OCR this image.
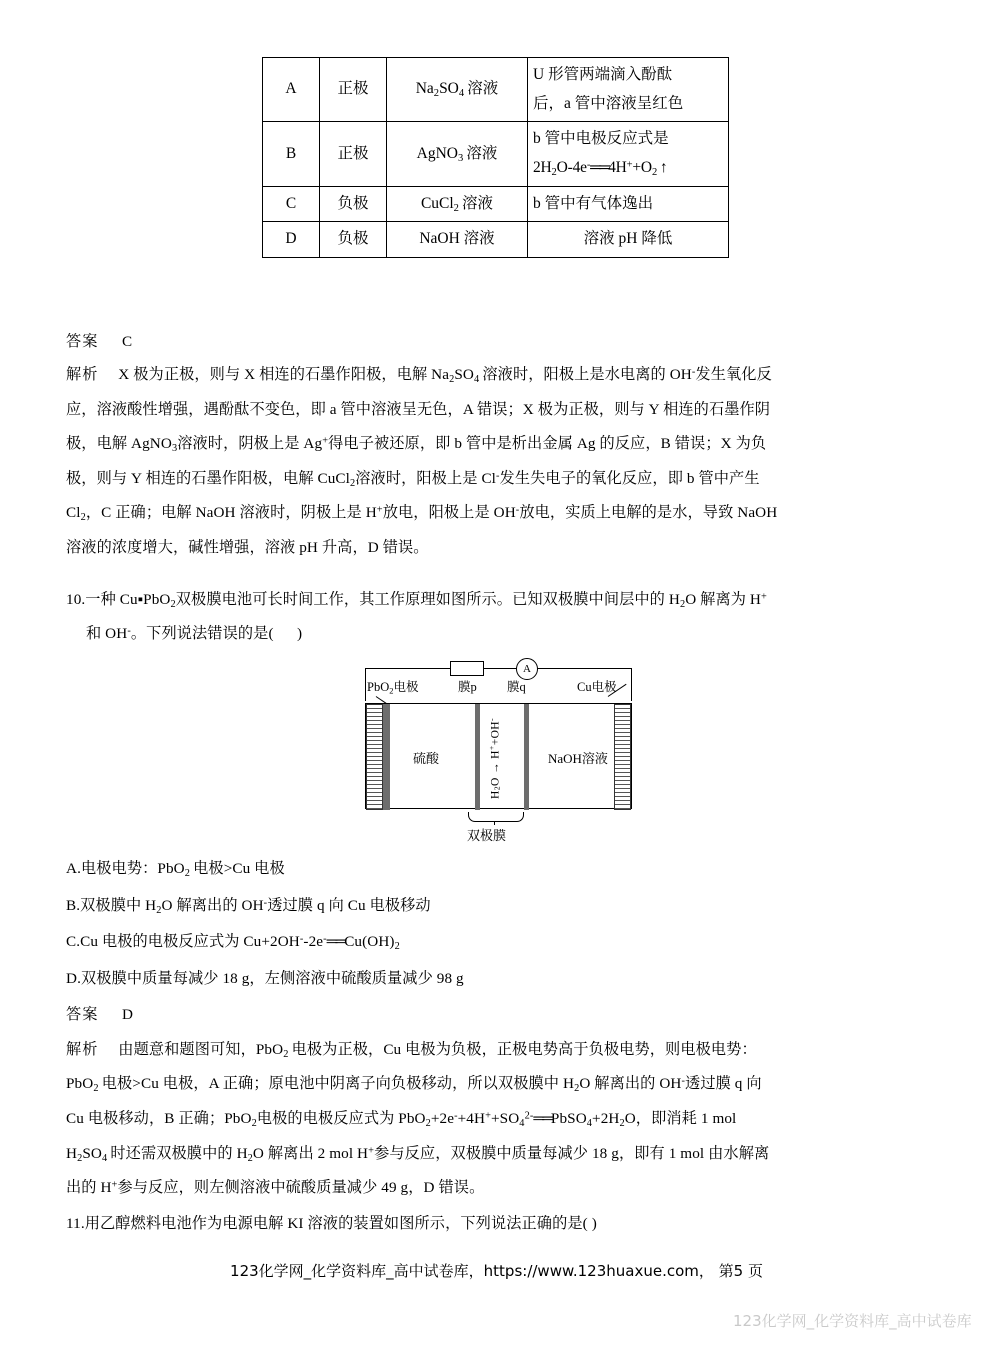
A	正极	$Na_2SO_4$ 溶液	U 形管两端滴入酚酞
后，a 管中溶液呈红色

B	正极	AgNO$_3$ 溶液	b 管中电极反应式是
$2H_2O-4e^-══4H^++O_2$ ↑

C	负极	CuCl$_2$ 溶液	b 管中有气体逸出
D	负极	NaOH 溶液	溶液 pH 降低
答案 C
解析 X 极为正极，则与 X 相连的石墨作阳极，电解 $Na_2SO_4$ 溶液时，阳极上是水电离的 OH-发生氧化反
应，溶液酸性增强，遇酚酞不变色，即 a 管中溶液呈无色，A 错误；X 极为正极，则与 Y 相连的石墨作阴
极，电解 AgNO$_3$溶液时，阴极上是 Ag+得电子被还原，即 b 管中是析出金属 Ag 的反应，B 错误；X 为负
极，则与 Y 相连的石墨作阳极，电解 CuCl$_2$溶液时，阳极上是 Cl-发生失电子的氧化反应，即 b 管中产生
$Cl_2$，C 正确；电解 NaOH 溶液时，阴极上是 H+放电，阳极上是 OH-放电，实质上电解的是水，导致 NaOH
溶液的浓度增大，碱性增强，溶液 pH 升高，D 错误。
10.一种 Cu▪PbO$_2$双极膜电池可长时间工作，其工作原理如图所示。已知双极膜中间层中的 $H_2O$ 解离为 H+
和 OH-。下列说法错误的是(      )
A
PbO$_2$电极	膜p 膜q	Cu电极
硫酸	NaOH溶液
$H_2O \to H^++OH^-$
双极膜
A.电极电势：PbO$_2$ 电极>Cu 电极
B.双极膜中 $H_2O$ 解离出的 OH-透过膜 q 向 Cu 电极移动
C.Cu 电极的电极反应式为 $Cu+2OH^--2e^-══Cu(OH)_2$
D.双极膜中质量每减少 18 g，左侧溶液中硫酸质量减少 98 g
答案 D
解析 由题意和题图可知，PbO$_2$ 电极为正极，Cu 电极为负极，正极电势高于负极电势，则电极电势：
PbO$_2$ 电极>Cu 电极，A 正确；原电池中阴离子向负极移动，所以双极膜中 $H_2O$ 解离出的 OH-透过膜 q 向
Cu 电极移动，B 正确；PbO$_2$电极的电极反应式为 $PbO_2+2e^-+4H^++SO_4^{2-}══PbSO_4+2H_2O$，即消耗 1 mol
$H_2SO_4$ 时还需双极膜中的 $H_2O$ 解离出 2 mol H+参与反应，双极膜中质量每减少 18 g，即有 1 mol 由水解离
出的 H+参与反应，则左侧溶液中硫酸质量减少 49 g，D 错误。
11.用乙醇燃料电池作为电源电解 KI 溶液的装置如图所示，下列说法正确的是( )
123化学网_化学资料库_高中试卷库，https://www.123huaxue.com， 第5 页
123化学网_化学资料库_高中试卷库
